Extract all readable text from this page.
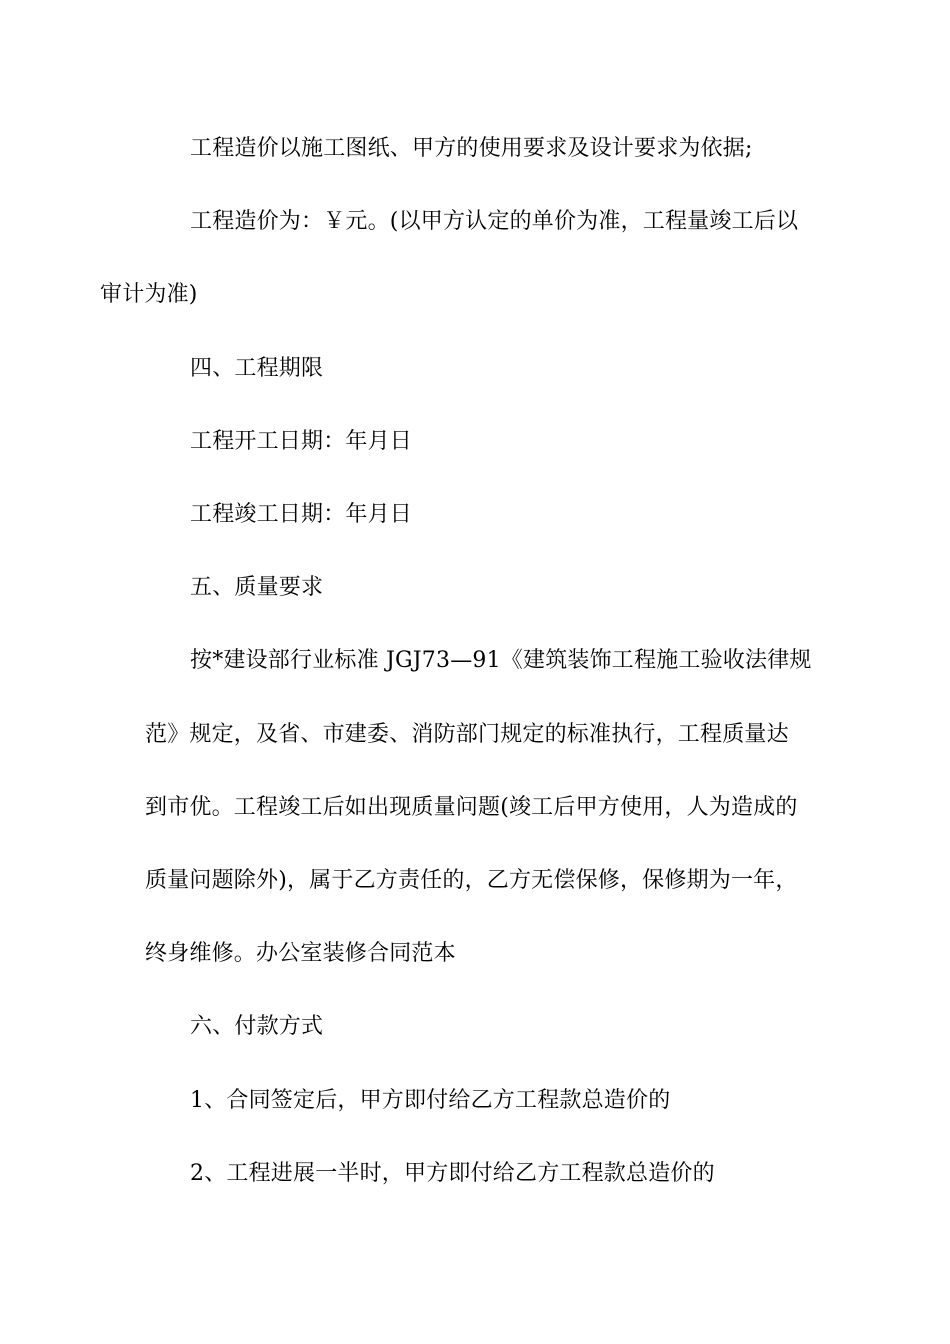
工程造价以施工图纸、甲方的使用要求及设计要求为依据;

工程造价为：￥元。(以甲方认定的单价为准，工程量竣工后以
审计为准)

四、工程期限

工程开工日期：年月日

工程竣工日期：年月日

五、质量要求

按*建设部行业标准 JGJ73—91《建筑装饰工程施工验收法律规
范》规定，及省、市建委、消防部门规定的标准执行，工程质量达
到市优。工程竣工后如出现质量问题(竣工后甲方使用，人为造成的
质量问题除外)，属于乙方责任的，乙方无偿保修，保修期为一年，
终身维修。办公室装修合同范本

六、付款方式

1、合同签定后，甲方即付给乙方工程款总造价的

2、工程进展一半时，甲方即付给乙方工程款总造价的
